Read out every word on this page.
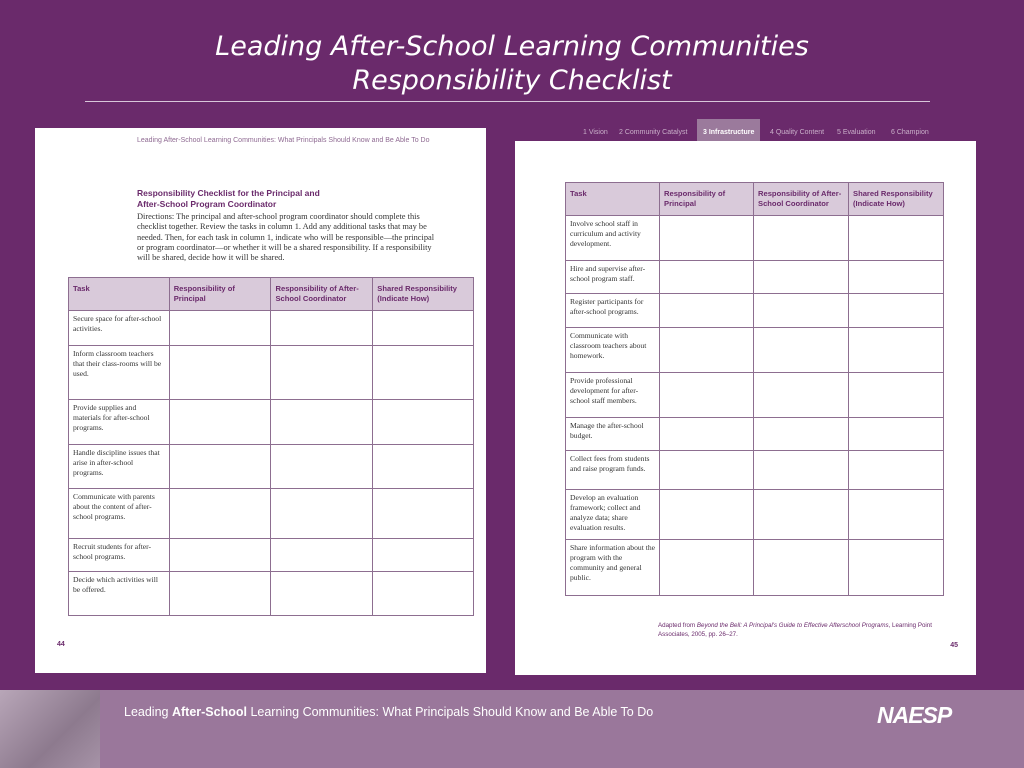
Leading After-School Learning Communities
Responsibility Checklist
Leading After-School Learning Communities: What Principals Should Know and Be Able To Do
Responsibility Checklist for the Principal and
After-School Program Coordinator
Directions: The principal and after-school program coordinator should complete this checklist together. Review the tasks in column 1. Add any additional tasks that may be needed. Then, for each task in column 1, indicate who will be responsible—the principal or program coordinator—or whether it will be a shared responsibility. If a responsibility will be shared, decide how it will be shared.
Task	Responsibility of Principal	Responsibility of After-School Coordinator	Shared Responsibility (Indicate How)
Secure space for after-school activities.			
Inform classroom teachers that their class-rooms will be used.			
Provide supplies and materials for after-school programs.			
Handle discipline issues that arise in after-school programs.			
Communicate with parents about the content of after-school programs.			
Recruit students for after-school programs.			
Decide which activities will be offered.			
44
1 Vision 2 Community Catalyst	3 Infrastructure	4 Quality Content 5 Evaluation 6 Champion
Task	Responsibility of Principal	Responsibility of After-School Coordinator	Shared Responsibility (Indicate How)
Involve school staff in curriculum and activity development.			
Hire and supervise after-school program staff.			
Register participants for after-school programs.			
Communicate with classroom teachers about homework.			
Provide professional development for after-school staff members.			
Manage the after-school budget.			
Collect fees from students and raise program funds.			
Develop an evaluation framework; collect and analyze data; share evaluation results.			
Share information about the program with the community and general public.			
Adapted from Beyond the Bell: A Principal's Guide to Effective Afterschool Programs, Learning Point Associates, 2005, pp. 26–27.
45
Leading After-School Learning Communities: What Principals Should Know and Be Able To Do	NAESP
